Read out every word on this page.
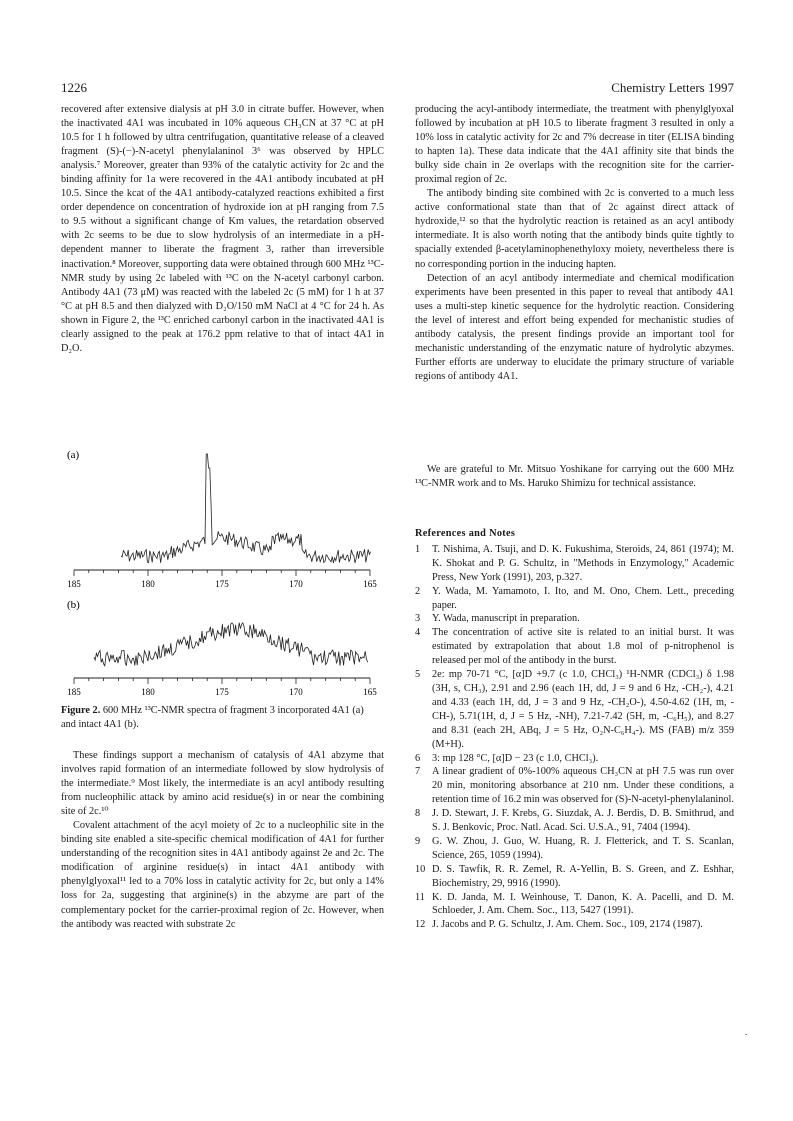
1226	Chemistry Letters 1997

recovered after extensive dialysis at pH 3.0 in citrate buffer. However, when the inactivated 4A1 was incubated in 10% aqueous CH₃CN at 37 °C at pH 10.5 for 1 h followed by ultra centrifugation, quantitative release of a cleaved fragment (S)-(−)-N-acetyl phenylalaninol 3⁶ was observed by HPLC analysis.⁷ Moreover, greater than 93% of the catalytic activity for 2c and the binding affinity for 1a were recovered in the 4A1 antibody incubated at pH 10.5. Since the kcat of the 4A1 antibody-catalyzed reactions exhibited a first order dependence on concentration of hydroxide ion at pH ranging from 7.5 to 9.5 without a significant change of Km values, the retardation observed with 2c seems to be due to slow hydrolysis of an intermediate in a pH-dependent manner to liberate the fragment 3, rather than irreversible inactivation.⁸ Moreover, supporting data were obtained through 600 MHz ¹³C-NMR study by using 2c labeled with ¹³C on the N-acetyl carbonyl carbon. Antibody 4A1 (73 μM) was reacted with the labeled 2c (5 mM) for 1 h at 37 °C at pH 8.5 and then dialyzed with D₂O/150 mM NaCl at 4 °C for 24 h. As shown in Figure 2, the ¹³C enriched carbonyl carbon in the inactivated 4A1 is clearly assigned to the peak at 176.2 ppm relative to that of intact 4A1 in D₂O.

(a)
185	180	175	170	165
(b)
185	180	175	170	165
Figure 2. 600 MHz ¹³C-NMR spectra of fragment 3 incorporated 4A1 (a) and intact 4A1 (b).

These findings support a mechanism of catalysis of 4A1 abzyme that involves rapid formation of an intermediate followed by slow hydrolysis of the intermediate.⁹ Most likely, the intermediate is an acyl antibody resulting from nucleophilic attack by amino acid residue(s) in or near the combining site of 2c.¹⁰

Covalent attachment of the acyl moiety of 2c to a nucleophilic site in the binding site enabled a site-specific chemical modification of 4A1 for further understanding of the recognition sites in 4A1 antibody against 2e and 2c. The modification of arginine residue(s) in intact 4A1 antibody with phenylglyoxal¹¹ led to a 70% loss in catalytic activity for 2c, but only a 14% loss for 2a, suggesting that arginine(s) in the abzyme are part of the complementary pocket for the carrier-proximal region of 2c. However, when the antibody was reacted with substrate 2c

producing the acyl-antibody intermediate, the treatment with phenylglyoxal followed by incubation at pH 10.5 to liberate fragment 3 resulted in only a 10% loss in catalytic activity for 2c and 7% decrease in titer (ELISA binding to hapten 1a). These data indicate that the 4A1 affinity site that binds the bulky side chain in 2e overlaps with the recognition site for the carrier-proximal region of 2c.

The antibody binding site combined with 2c is converted to a much less active conformational state than that of 2c against direct attack of hydroxide,¹² so that the hydrolytic reaction is retained as an acyl antibody intermediate. It is also worth noting that the antibody binds quite tightly to spacially extended β-acetylaminophenethyloxy moiety, nevertheless there is no corresponding portion in the inducing hapten.

Detection of an acyl antibody intermediate and chemical modification experiments have been presented in this paper to reveal that antibody 4A1 uses a multi-step kinetic sequence for the hydrolytic reaction. Considering the level of interest and effort being expended for mechanistic studies of antibody catalysis, the present findings provide an important tool for mechanistic understanding of the enzymatic nature of hydrolytic abzymes. Further efforts are underway to elucidate the primary structure of variable regions of antibody 4A1.

We are grateful to Mr. Mitsuo Yoshikane for carrying out the 600 MHz ¹³C-NMR work and to Ms. Haruko Shimizu for technical assistance.
References and Notes
1	T. Nishima, A. Tsuji, and D. K. Fukushima, Steroids, 24, 861 (1974); M. K. Shokat and P. G. Schultz, in "Methods in Enzymology," Academic Press, New York (1991), 203, p.327.
2	Y. Wada, M. Yamamoto, I. Ito, and M. Ono, Chem. Lett., preceding paper.
3	Y. Wada, manuscript in preparation.
4	The concentration of active site is related to an initial burst. It was estimated by extrapolation that about 1.8 mol of p-nitrophenol is released per mol of the antibody in the burst.
5	2e: mp 70-71 °C, [α]D +9.7 (c 1.0, CHCl₃) ¹H-NMR (CDCl₃) δ 1.98 (3H, s, CH₃), 2.91 and 2.96 (each 1H, dd, J = 9 and 6 Hz, -CH₂-), 4.21 and 4.33 (each 1H, dd, J = 3 and 9 Hz, -CH₂O-), 4.50-4.62 (1H, m, -CH-), 5.71(1H, d, J = 5 Hz, -NH), 7.21-7.42 (5H, m, -C₆H₅), and 8.27 and 8.31 (each 2H, ABq, J = 5 Hz, O₂N-C₆H₄-). MS (FAB) m/z 359 (M+H).
6	3: mp 128 °C, [α]D − 23 (c 1.0, CHCl₃).
7	A linear gradient of 0%-100% aqueous CH₃CN at pH 7.5 was run over 20 min, monitoring absorbance at 210 nm. Under these conditions, a retention time of 16.2 min was observed for (S)-N-acetyl-phenylalaninol.
8	J. D. Stewart, J. F. Krebs, G. Siuzdak, A. J. Berdis, D. B. Smithrud, and S. J. Benkovic, Proc. Natl. Acad. Sci. U.S.A., 91, 7404 (1994).
9	G. W. Zhou, J. Guo, W. Huang, R. J. Fletterick, and T. S. Scanlan, Science, 265, 1059 (1994).
10 D. S. Tawfik, R. R. Zemel, R. A-Yellin, B. S. Green, and Z. Eshhar, Biochemistry, 29, 9916 (1990).
11 K. D. Janda, M. I. Weinhouse, T. Danon, K. A. Pacelli, and D. M. Schloeder, J. Am. Chem. Soc., 113, 5427 (1991).
12 J. Jacobs and P. G. Schultz, J. Am. Chem. Soc., 109, 2174 (1987).
.
